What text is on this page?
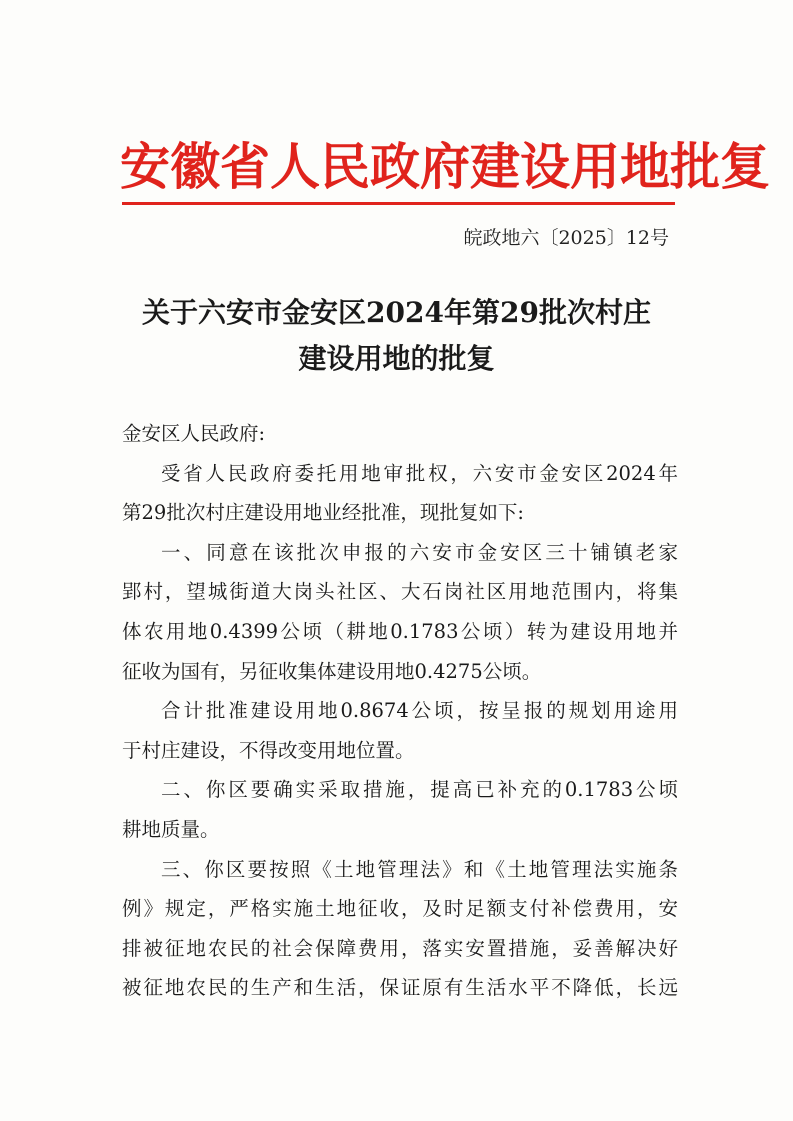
安徽省人民政府建设用地批复
皖政地六〔2025〕12号
关于六安市金安区2024年第29批次村庄
建设用地的批复
金安区人民政府:
受省人民政府委托用地审批权，六安市金安区2024年
第29批次村庄建设用地业经批准，现批复如下:
一、同意在该批次申报的六安市金安区三十铺镇老家
郢村，望城街道大岗头社区、大石岗社区用地范围内，将集
体农用地0.4399公顷（耕地0.1783公顷）转为建设用地并
征收为国有，另征收集体建设用地0.4275公顷。
合计批准建设用地0.8674公顷，按呈报的规划用途用
于村庄建设，不得改变用地位置。
二、你区要确实采取措施，提高已补充的0.1783公顷
耕地质量。
三、你区要按照《土地管理法》和《土地管理法实施条
例》规定，严格实施土地征收，及时足额支付补偿费用，安
排被征地农民的社会保障费用，落实安置措施，妥善解决好
被征地农民的生产和生活，保证原有生活水平不降低，长远
